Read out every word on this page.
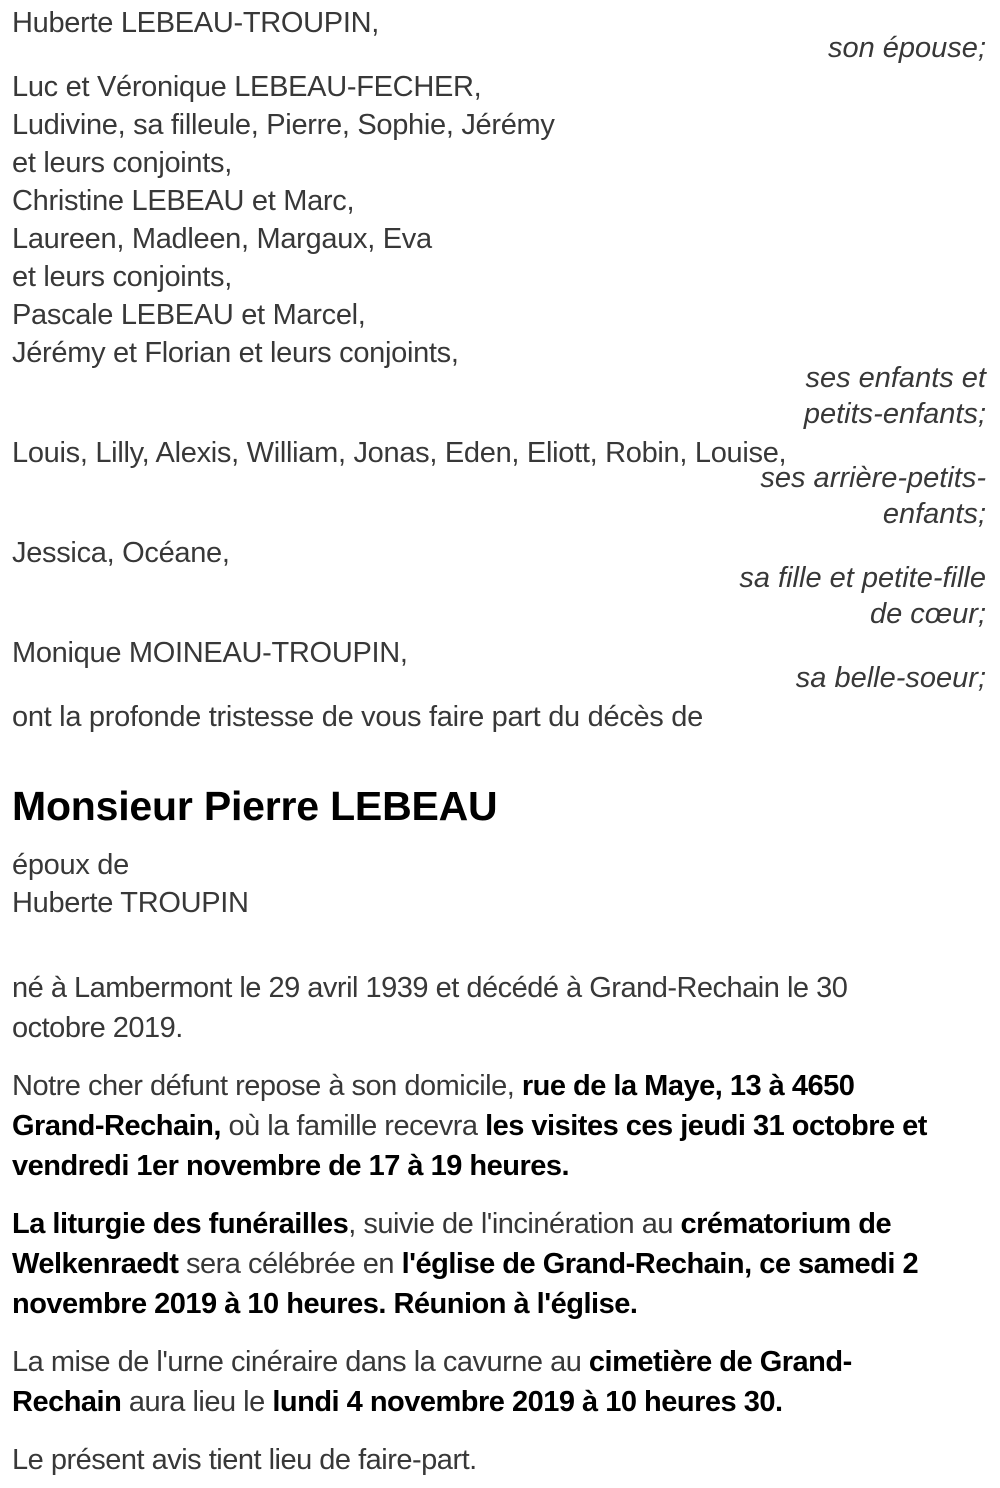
Huberte LEBEAU-TROUPIN,
son épouse;
Luc et Véronique LEBEAU-FECHER,
Ludivine, sa filleule, Pierre, Sophie, Jérémy
et leurs conjoints,
Christine LEBEAU et Marc,
Laureen, Madleen, Margaux, Eva
et leurs conjoints,
Pascale LEBEAU et Marcel,
Jérémy et Florian et leurs conjoints,
ses enfants et
petits-enfants;
Louis, Lilly, Alexis, William, Jonas, Eden, Eliott, Robin, Louise,
ses arrière-petits-
enfants;
Jessica, Océane,
sa fille et petite-fille
de cœur;
Monique MOINEAU-TROUPIN,
sa belle-soeur;

ont la profonde tristesse de vous faire part du décès de

Monsieur Pierre LEBEAU
époux de
Huberte TROUPIN

né à Lambermont le 29 avril 1939 et décédé à Grand-Rechain le 30
octobre 2019.

Notre cher défunt repose à son domicile, rue de la Maye, 13 à 4650
Grand-Rechain, où la famille recevra les visites ces jeudi 31 octobre et
vendredi 1er novembre de 17 à 19 heures.

La liturgie des funérailles, suivie de l'incinération au crématorium de
Welkenraedt sera célébrée en l'église de Grand-Rechain, ce samedi 2
novembre 2019 à 10 heures. Réunion à l'église.

La mise de l'urne cinéraire dans la cavurne au cimetière de Grand-
Rechain aura lieu le lundi 4 novembre 2019 à 10 heures 30.

Le présent avis tient lieu de faire-part.
